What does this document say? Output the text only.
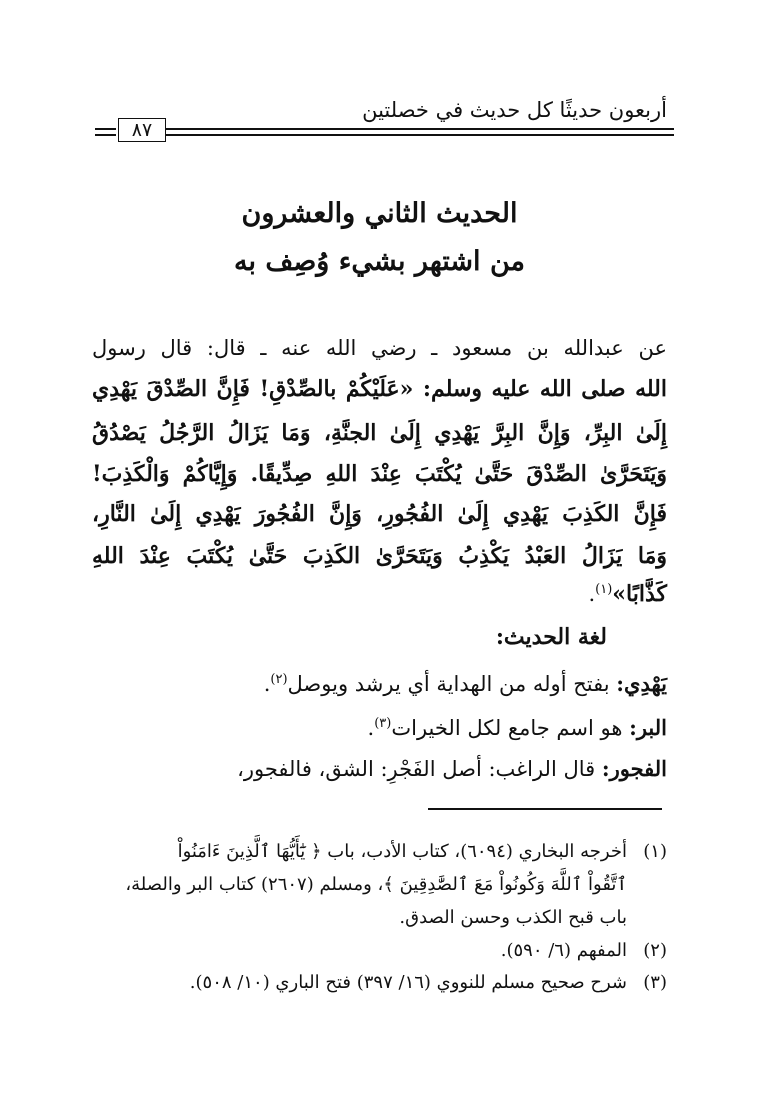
أربعون حديثًا كل حديث في خصلتين
٨٧
الحديث الثاني والعشرون
من اشتهر بشيء وُصِف به
عن عبدالله بن مسعود ـ رضي الله عنه ـ قال: قال رسول
الله صلى الله عليه وسلم: «عَلَيْكُمْ بالصِّدْقِ! فَإِنَّ الصِّدْقَ يَهْدِي
إِلَىٰ البِرِّ، وَإِنَّ البِرَّ يَهْدِي إِلَىٰ الجنَّةِ، وَمَا يَزَالُ الرَّجُلُ يَصْدُقُ
وَيَتَحَرَّىٰ الصِّدْقَ حَتَّىٰ يُكْتَبَ عِنْدَ اللهِ صِدِّيقًا. وَإِيَّاكُمْ وَالْكَذِبَ!
فَإِنَّ الكَذِبَ يَهْدِي إِلَىٰ الفُجُورِ، وَإِنَّ الفُجُورَ يَهْدِي إِلَىٰ النَّارِ،
وَمَا يَزَالُ العَبْدُ يَكْذِبُ وَيَتَحَرَّىٰ الكَذِبَ حَتَّىٰ يُكْتَبَ عِنْدَ اللهِ
كَذَّابًا»$^{(١)}$.
لغة الحديث:
يَهْدِي: بفتح أوله من الهداية أي يرشد ويوصل$^{(٢)}$.
البر: هو اسم جامع لكل الخيرات$^{(٣)}$.
الفجور: قال الراغب: أصل الفَجْرِ: الشق، فالفجور،
(١)أخرجه البخاري (٦٠٩٤)، كتاب الأدب، باب ﴿ يَٰٓأَيُّهَا ٱلَّذِينَ ءَامَنُواْ
ٱتَّقُواْ ٱللَّهَ وَكُونُواْ مَعَ ٱلصَّٰدِقِينَ ﴾، ومسلم (٢٦٠٧) كتاب البر والصلة،
باب قبح الكذب وحسن الصدق.
(٢)المفهم (٦/ ٥٩٠).
(٣)شرح صحيح مسلم للنووي (١٦/ ٣٩٧) فتح الباري (١٠/ ٥٠٨).
